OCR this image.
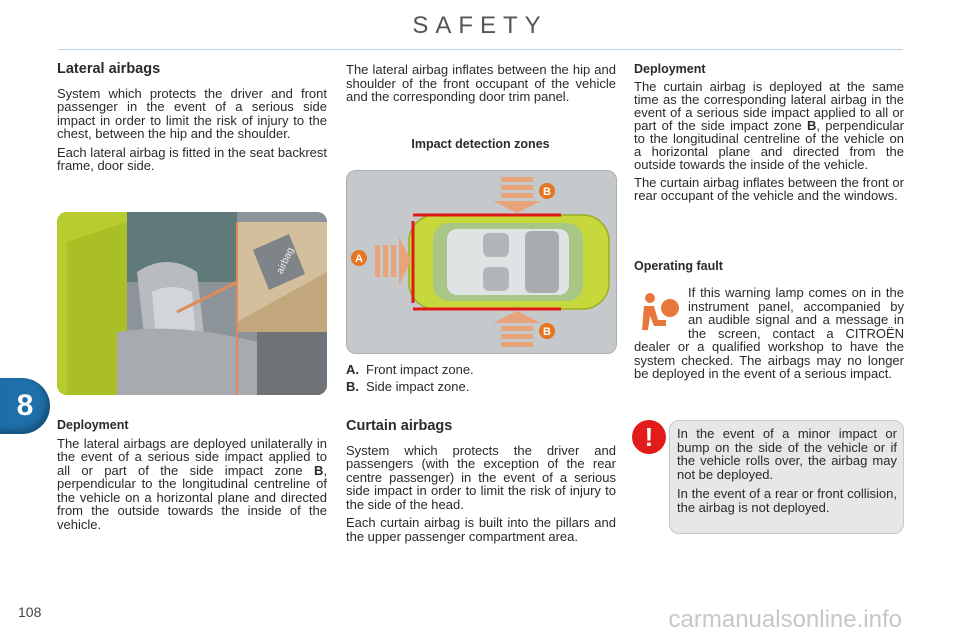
SAFETY
8
108
Lateral airbags

System which protects the driver and front passenger in the event of a serious side impact in order to limit the risk of injury to the chest, between the hip and the shoulder.

Each lateral airbag is fitted in the seat backrest frame, door side.

airbag
Deployment

The lateral airbags are deployed unilaterally in the event of a serious side impact applied to all or part of the side impact zone B, perpendicular to the longitudinal centreline of the vehicle on a horizontal plane and directed from the outside towards the inside of the vehicle.

The lateral airbag inflates between the hip and shoulder of the front occupant of the vehicle and the corresponding door trim panel.

Impact detection zones
B
B
A
A. Front impact zone.
B. Side impact zone.
Curtain airbags

System which protects the driver and passengers (with the exception of the rear centre passenger) in the event of a serious side impact in order to limit the risk of injury to the side of the head.

Each curtain airbag is built into the pillars and the upper passenger compartment area.

Deployment

The curtain airbag is deployed at the same time as the corresponding lateral airbag in the event of a serious side impact applied to all or part of the side impact zone B, perpendicular to the longitudinal centreline of the vehicle on a horizontal plane and directed from the outside towards the inside of the vehicle.

The curtain airbag inflates between the front or rear occupant of the vehicle and the windows.

Operating fault

If this warning lamp comes on in the instrument panel, accompanied by an audible signal and a message in the screen, contact a CITROËN dealer or a qualified workshop to have the system checked. The airbags may no longer be deployed in the event of a serious impact.

!	In the event of a minor impact or bump on the side of the vehicle or if the vehicle rolls over, the airbag may not be deployed.

In the event of a rear or front collision, the airbag is not deployed.

carmanualsonline.info
